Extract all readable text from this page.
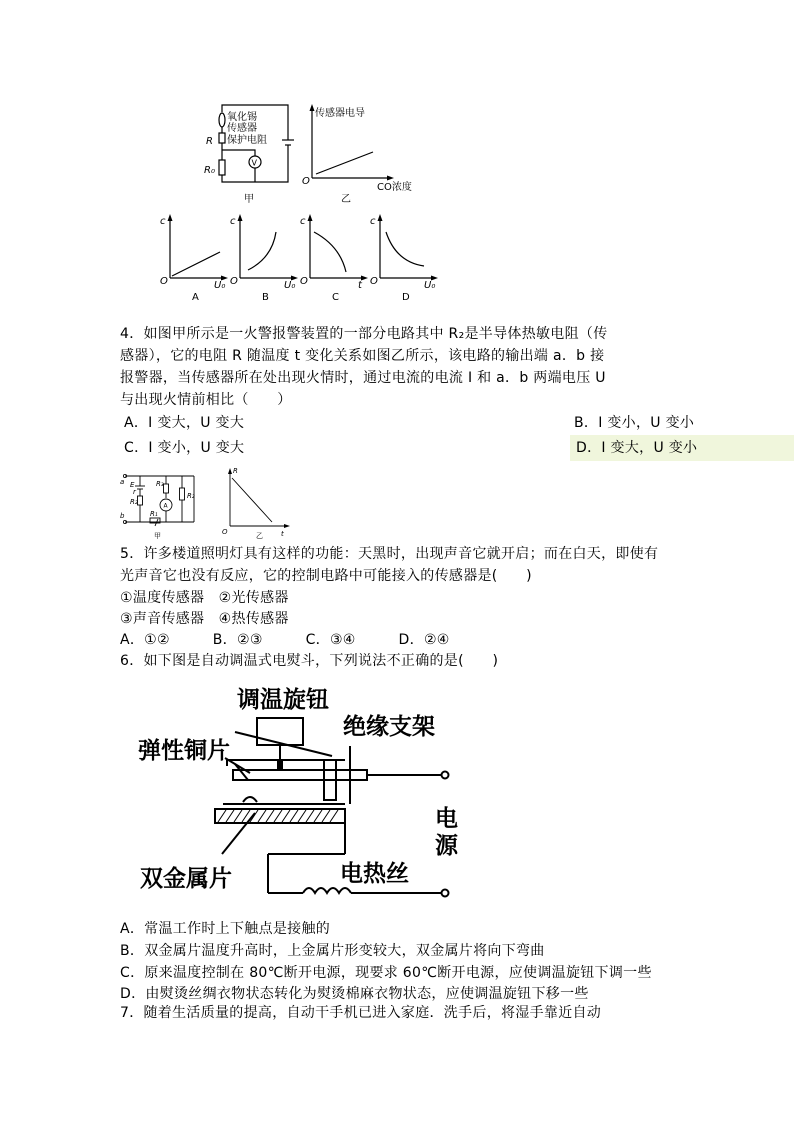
R
R₀
V
氧化锡
传感器
保护电阻
甲
传感器电导
O
CO浓度
乙
c
O	U₀
c
O	U₀
c
O	t
c
O	U₀
A	B	C	D
4．如图甲所示是一火警报警装置的一部分电路其中 R₂是半导体热敏电阻（传
感器），它的电阻 R 随温度 t 变化关系如图乙所示，该电路的输出端 a．b 接
报警器，当传感器所在处出现火情时，通过电流的电流 I 和 a．b 两端电压 U
与出现火情前相比（　　）
A．I 变大，U 变大	B．I 变小，U 变小
C．I 变小，U 变大	D．I 变大，U 变小
a
b
E
r
R₁
R₂
R₃
R₂
A
甲
R
O	t
乙
5．许多楼道照明灯具有这样的功能：天黑时，出现声音它就开启；而在白天，即使有
光声音它也没有反应，它的控制电路中可能接入的传感器是(　　)
①温度传感器　②光传感器
③声音传感器　④热传感器
A．①②　　　B．②③　　　C．③④　　　D．②④
6．如下图是自动调温式电熨斗，下列说法不正确的是(　　)
调温旋钮
绝缘支架
弹性铜片
双金属片	电热丝
电
源
A．常温工作时上下触点是接触的
B．双金属片温度升高时，上金属片形变较大，双金属片将向下弯曲
C．原来温度控制在 80℃断开电源，现要求 60℃断开电源，应使调温旋钮下调一些
D．由熨烫丝绸衣物状态转化为熨烫棉麻衣物状态，应使调温旋钮下移一些
7．随着生活质量的提高，自动干手机已进入家庭．洗手后，将湿手靠近自动
